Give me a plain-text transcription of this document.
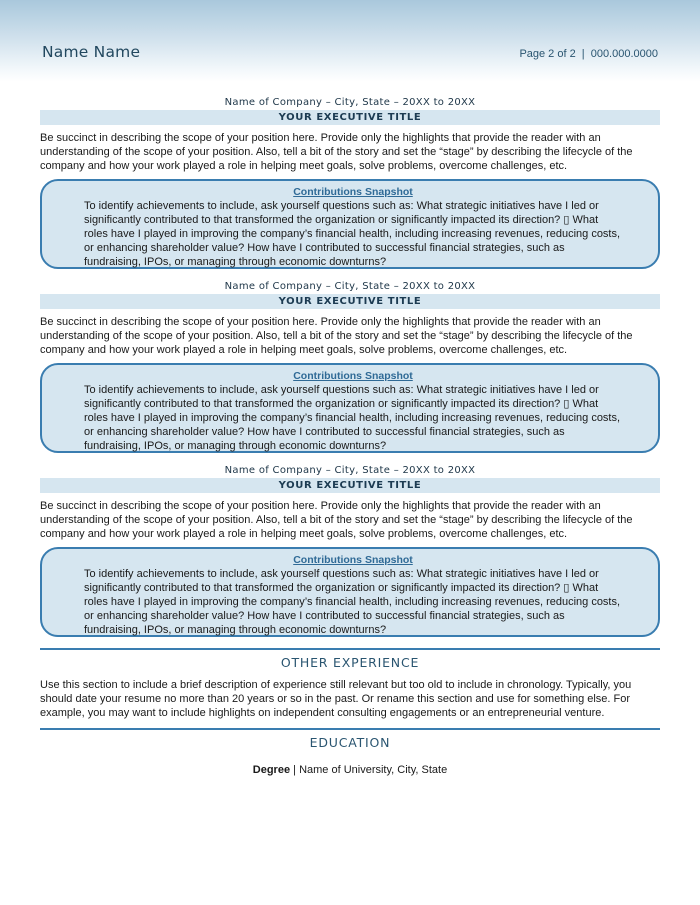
Name Name	Page 2 of 2 | 000.000.0000
Name of Company – City, State – 20XX to 20XX
YOUR EXECUTIVE TITLE
Be succinct in describing the scope of your position here. Provide only the highlights that provide the reader with an understanding of the scope of your position. Also, tell a bit of the story and set the “stage” by describing the lifecycle of the company and how your work played a role in helping meet goals, solve problems, overcome challenges, etc.
Contributions Snapshot
To identify achievements to include, ask yourself questions such as: What strategic initiatives have I led or significantly contributed to that transformed the organization or significantly impacted its direction? ▯ What roles have I played in improving the company’s financial health, including increasing revenues, reducing costs, or enhancing shareholder value? How have I contributed to successful financial strategies, such as fundraising, IPOs, or managing through economic downturns?
Name of Company – City, State – 20XX to 20XX
YOUR EXECUTIVE TITLE
Be succinct in describing the scope of your position here. Provide only the highlights that provide the reader with an understanding of the scope of your position. Also, tell a bit of the story and set the “stage” by describing the lifecycle of the company and how your work played a role in helping meet goals, solve problems, overcome challenges, etc.
Contributions Snapshot
To identify achievements to include, ask yourself questions such as: What strategic initiatives have I led or significantly contributed to that transformed the organization or significantly impacted its direction? ▯ What roles have I played in improving the company’s financial health, including increasing revenues, reducing costs, or enhancing shareholder value? How have I contributed to successful financial strategies, such as fundraising, IPOs, or managing through economic downturns?
Name of Company – City, State – 20XX to 20XX
YOUR EXECUTIVE TITLE
Be succinct in describing the scope of your position here. Provide only the highlights that provide the reader with an understanding of the scope of your position. Also, tell a bit of the story and set the “stage” by describing the lifecycle of the company and how your work played a role in helping meet goals, solve problems, overcome challenges, etc.
Contributions Snapshot
To identify achievements to include, ask yourself questions such as: What strategic initiatives have I led or significantly contributed to that transformed the organization or significantly impacted its direction? ▯ What roles have I played in improving the company’s financial health, including increasing revenues, reducing costs, or enhancing shareholder value? How have I contributed to successful financial strategies, such as fundraising, IPOs, or managing through economic downturns?
OTHER EXPERIENCE
Use this section to include a brief description of experience still relevant but too old to include in chronology. Typically, you should date your resume no more than 20 years or so in the past. Or rename this section and use for something else. For example, you may want to include highlights on independent consulting engagements or an entrepreneurial venture.
EDUCATION
Degree | Name of University, City, State
